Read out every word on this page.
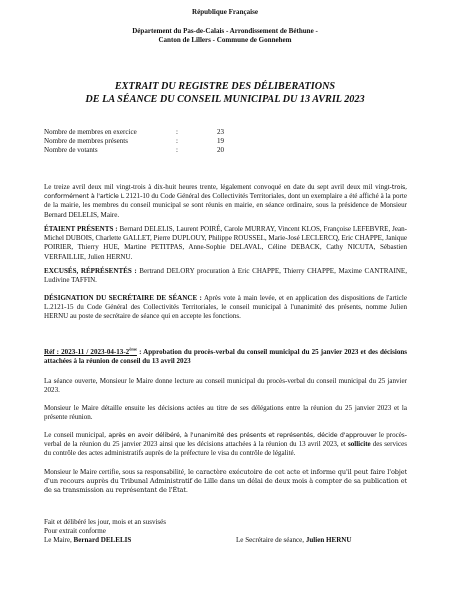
République Française
Département du Pas-de-Calais - Arrondissement de Béthune -
Canton de Lillers - Commune de Gonnehem
EXTRAIT DU REGISTRE DES DÉLIBERATIONS
DE LA SÉANCE DU CONSEIL MUNICIPAL DU 13 AVRIL 2023
Nombre de membres en exercice	:	23
Nombre de membres présents	:	19
Nombre de votants	:	20
Le treize avril deux mil vingt-trois à dix-huit heures trente, légalement convoqué en date du sept avril deux mil vingt-trois, conformément à l'article L 2121-10 du Code Général des Collectivités Territoriales, dont un exemplaire a été affiché à la porte de la mairie, les membres du conseil municipal se sont réunis en mairie, en séance ordinaire, sous la présidence de Monsieur Bernard DELELIS, Maire.
ÉTAIENT PRÉSENTS : Bernard DELELIS, Laurent POIRÉ, Carole MURRAY, Vincent KLOS, Françoise LEFEBVRE, Jean-Michel DUBOIS, Charlette GALLET, Pierre DUPLOUY, Philippe ROUSSEL, Marie-José LECLERCQ, Eric CHAPPE, Janique POIRIER, Thierry HUE, Martine PETITPAS, Anne-Sophie DELAVAL, Céline DEBACK, Cathy NICUTA, Sébastien VERFAILLIE, Julien HERNU.
EXCUSÉS, RÉPRÉSENTÉS : Bertrand DELORY procuration à Eric CHAPPE, Thierry CHAPPE, Maxime CANTRAINE, Ludivine TAFFIN.
DÉSIGNATION DU SECRÉTAIRE DE SÉANCE : Après vote à main levée, et en application des dispositions de l'article L.2121-15 du Code Général des Collectivités Territoriales, le conseil municipal à l'unanimité des présents, nomme Julien HERNU au poste de secrétaire de séance qui en accepte les fonctions.
Réf : 2023-11 / 2023-04-13-2ème : Approbation du procès-verbal du conseil municipal du 25 janvier 2023 et des décisions attachées à la réunion de conseil du 13 avril 2023
La séance ouverte, Monsieur le Maire donne lecture au conseil municipal du procès-verbal du conseil municipal du 25 janvier 2023.
Monsieur le Maire détaille ensuite les décisions actées au titre de ses délégations entre la réunion du 25 janvier 2023 et la présente réunion.
Le conseil municipal, après en avoir délibéré, à l'unanimité des présents et représentés, décide d'approuver le procès-verbal de la réunion du 25 janvier 2023 ainsi que les décisions attachées à la réunion du 13 avril 2023, et sollicite des services du contrôle des actes administratifs auprès de la préfecture le visa du contrôle de légalité.
Monsieur le Maire certifie, sous sa responsabilité, le caractère exécutoire de cet acte et informe qu'il peut faire l'objet d'un recours auprès du Tribunal Administratif de Lille dans un délai de deux mois à compter de sa publication et de sa transmission au représentant de l'État.
Fait et délibéré les jour, mois et an susvisés
Pour extrait conforme
Le Maire, Bernard DELELIS	Le Secrétaire de séance, Julien HERNU
